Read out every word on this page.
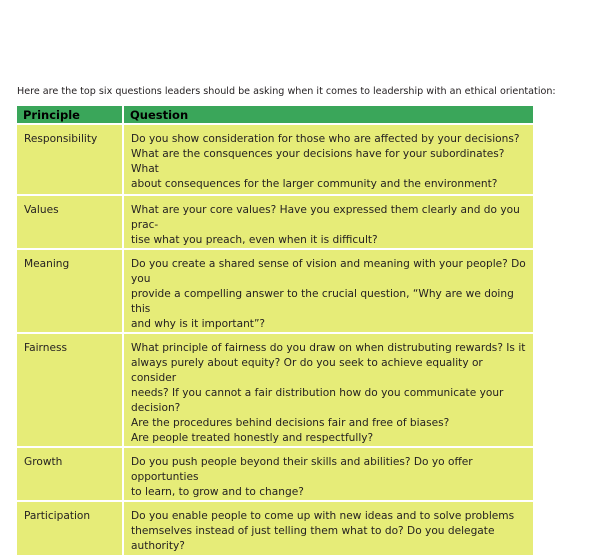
Here are the top six questions leaders should be asking when it comes to leadership with an ethical orientation:
Principle	Question
Responsibility	Do you show consideration for those who are affected by your decisions?
What are the consquences your decisions have for your subordinates? What
about consequences for the larger community and the environment?

Values	What are your core values? Have you expressed them clearly and do you prac-
tise what you preach, even when it is difficult?

Meaning	Do you create a shared sense of vision and meaning with your people? Do you
provide a compelling answer to the crucial question, “Why are we doing this
and why is it important”?

Fairness	What principle of fairness do you draw on when distrubuting rewards? Is it
always purely about equity? Or do you seek to achieve equality or consider
needs? If you cannot a fair distribution how do you communicate your decision?
Are the procedures behind decisions fair and free of biases?
Are people treated honestly and respectfully?

Growth	Do you push people beyond their skills and abilities? Do yo offer opportunties
to learn, to grow and to change?

Participation	Do you enable people to come up with new ideas and to solve problems
themselves instead of just telling them what to do? Do you delegate authority?
